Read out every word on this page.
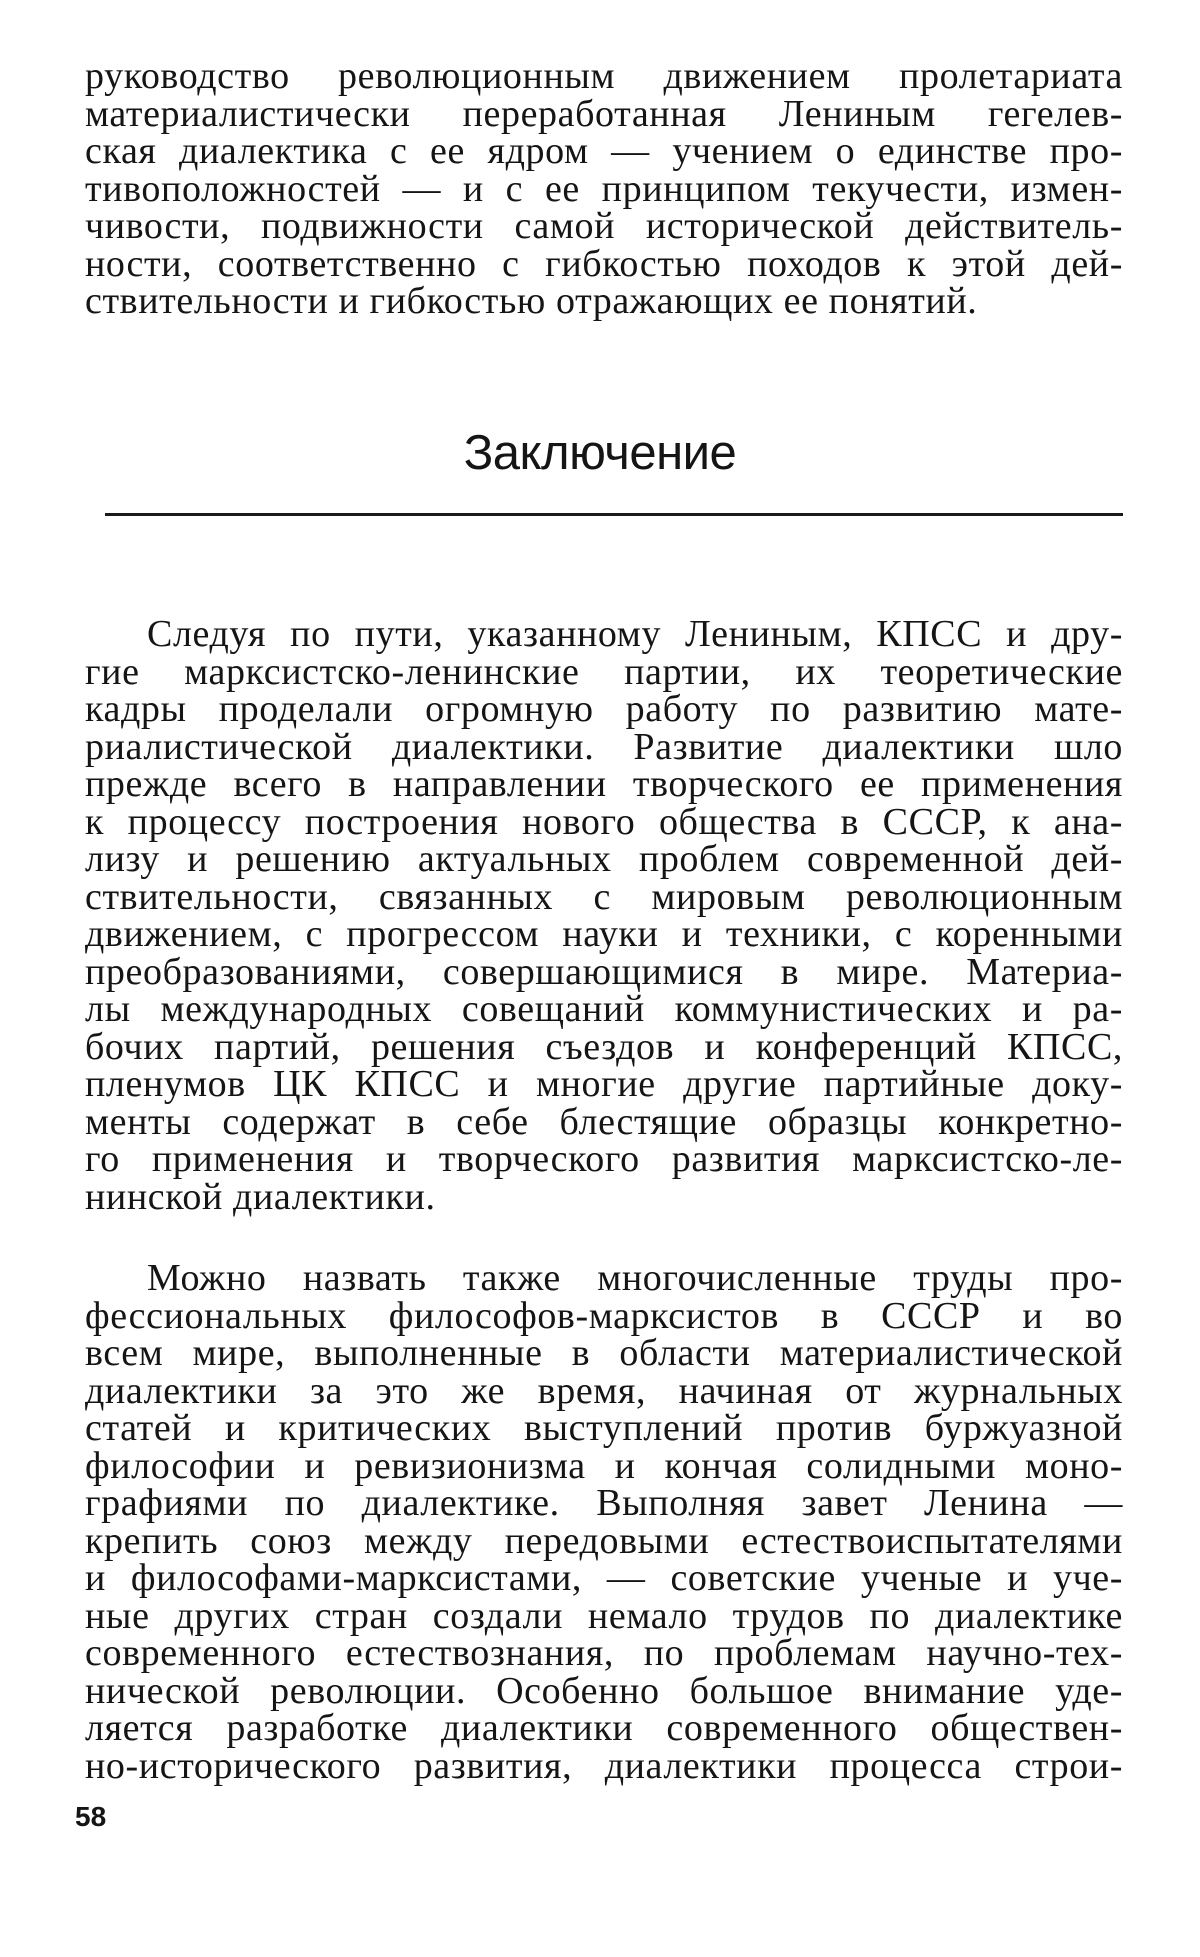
руководство революционным движением пролетариата
материалистически переработанная Лениным гегелев-
ская диалектика с ее ядром — учением о единстве про-
тивоположностей — и с ее принципом текучести, измен-
чивости, подвижности самой исторической действитель-
ности, соответственно с гибкостью походов к этой дей-
ствительности и гибкостью отражающих ее понятий.
Заключение
Следуя по пути, указанному Лениным, КПСС и дру-
гие марксистско-ленинские партии, их теоретические
кадры проделали огромную работу по развитию мате-
риалистической диалектики. Развитие диалектики шло
прежде всего в направлении творческого ее применения
к процессу построения нового общества в СССР, к ана-
лизу и решению актуальных проблем современной дей-
ствительности, связанных с мировым революционным
движением, с прогрессом науки и техники, с коренными
преобразованиями, совершающимися в мире. Материа-
лы международных совещаний коммунистических и ра-
бочих партий, решения съездов и конференций КПСС,
пленумов ЦК КПСС и многие другие партийные доку-
менты содержат в себе блестящие образцы конкретно-
го применения и творческого развития марксистско-ле-
нинской диалектики.
Можно назвать также многочисленные труды про-
фессиональных философов-марксистов в СССР и во
всем мире, выполненные в области материалистической
диалектики за это же время, начиная от журнальных
статей и критических выступлений против буржуазной
философии и ревизионизма и кончая солидными моно-
графиями по диалектике. Выполняя завет Ленина —
крепить союз между передовыми естествоиспытателями
и философами-марксистами, — советские ученые и уче-
ные других стран создали немало трудов по диалектике
современного естествознания, по проблемам научно-тех-
нической революции. Особенно большое внимание уде-
ляется разработке диалектики современного обществен-
но-исторического развития, диалектики процесса строи-
58
